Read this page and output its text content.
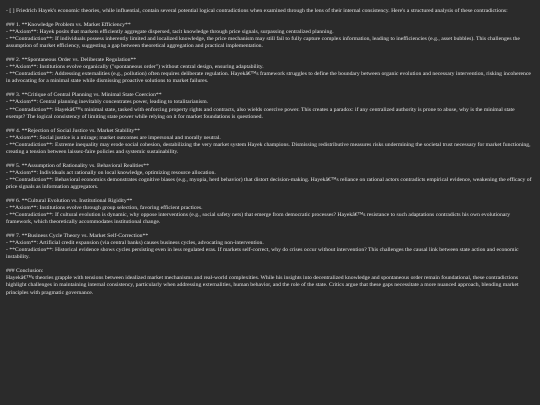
- [ ] Friedrich Hayek's economic theories, while influential, contain several potential logical contradictions when examined through the lens of their internal consistency. Here's a structured analysis of these contradictions:
### 1. **Knowledge Problem vs. Market Efficiency**
- **Axiom**: Hayek posits that markets efficiently aggregate dispersed, tacit knowledge through price signals, surpassing centralized planning.
- **Contradiction**: If individuals possess inherently limited and localized knowledge, the price mechanism may still fail to fully capture complex information, leading to inefficiencies (e.g., asset bubbles). This challenges the assumption of market efficiency, suggesting a gap between theoretical aggregation and practical implementation.
### 2. **Spontaneous Order vs. Deliberate Regulation**
- **Axiom**: Institutions evolve organically ("spontaneous order") without central design, ensuring adaptability.
- **Contradiction**: Addressing externalities (e.g., pollution) often requires deliberate regulation. Hayekâ€™s framework struggles to define the boundary between organic evolution and necessary intervention, risking incoherence in advocating for a minimal state while dismissing proactive solutions to market failures.
### 3. **Critique of Central Planning vs. Minimal State Coercion**
- **Axiom**: Central planning inevitably concentrates power, leading to totalitarianism.
- **Contradiction**: Hayekâ€™s minimal state, tasked with enforcing property rights and contracts, also wields coercive power. This creates a paradox: if any centralized authority is prone to abuse, why is the minimal state exempt? The logical consistency of limiting state power while relying on it for market foundations is questioned.
### 4. **Rejection of Social Justice vs. Market Stability**
- **Axiom**: Social justice is a mirage; market outcomes are impersonal and morally neutral.
- **Contradiction**: Extreme inequality may erode social cohesion, destabilizing the very market system Hayek champions. Dismissing redistributive measures risks undermining the societal trust necessary for market functioning, creating a tension between laissez-faire policies and systemic sustainability.
### 5. **Assumption of Rationality vs. Behavioral Realities**
- **Axiom**: Individuals act rationally on local knowledge, optimizing resource allocation.
- **Contradiction**: Behavioral economics demonstrates cognitive biases (e.g., myopia, herd behavior) that distort decision-making. Hayekâ€™s reliance on rational actors contradicts empirical evidence, weakening the efficacy of price signals as information aggregators.
### 6. **Cultural Evolution vs. Institutional Rigidity**
- **Axiom**: Institutions evolve through group selection, favoring efficient practices.
- **Contradiction**: If cultural evolution is dynamic, why oppose interventions (e.g., social safety nets) that emerge from democratic processes? Hayekâ€™s resistance to such adaptations contradicts his own evolutionary framework, which theoretically accommodates institutional change.
### 7. **Business Cycle Theory vs. Market Self-Correction**
- **Axiom**: Artificial credit expansion (via central banks) causes business cycles, advocating non-intervention.
- **Contradiction**: Historical evidence shows cycles persisting even in less regulated eras. If markets self-correct, why do crises occur without intervention? This challenges the causal link between state action and economic instability.
### Conclusion:
Hayekâ€™s theories grapple with tensions between idealized market mechanisms and real-world complexities. While his insights into decentralized knowledge and spontaneous order remain foundational, these contradictions highlight challenges in maintaining internal consistency, particularly when addressing externalities, human behavior, and the role of the state. Critics argue that these gaps necessitate a more nuanced approach, blending market principles with pragmatic governance.
